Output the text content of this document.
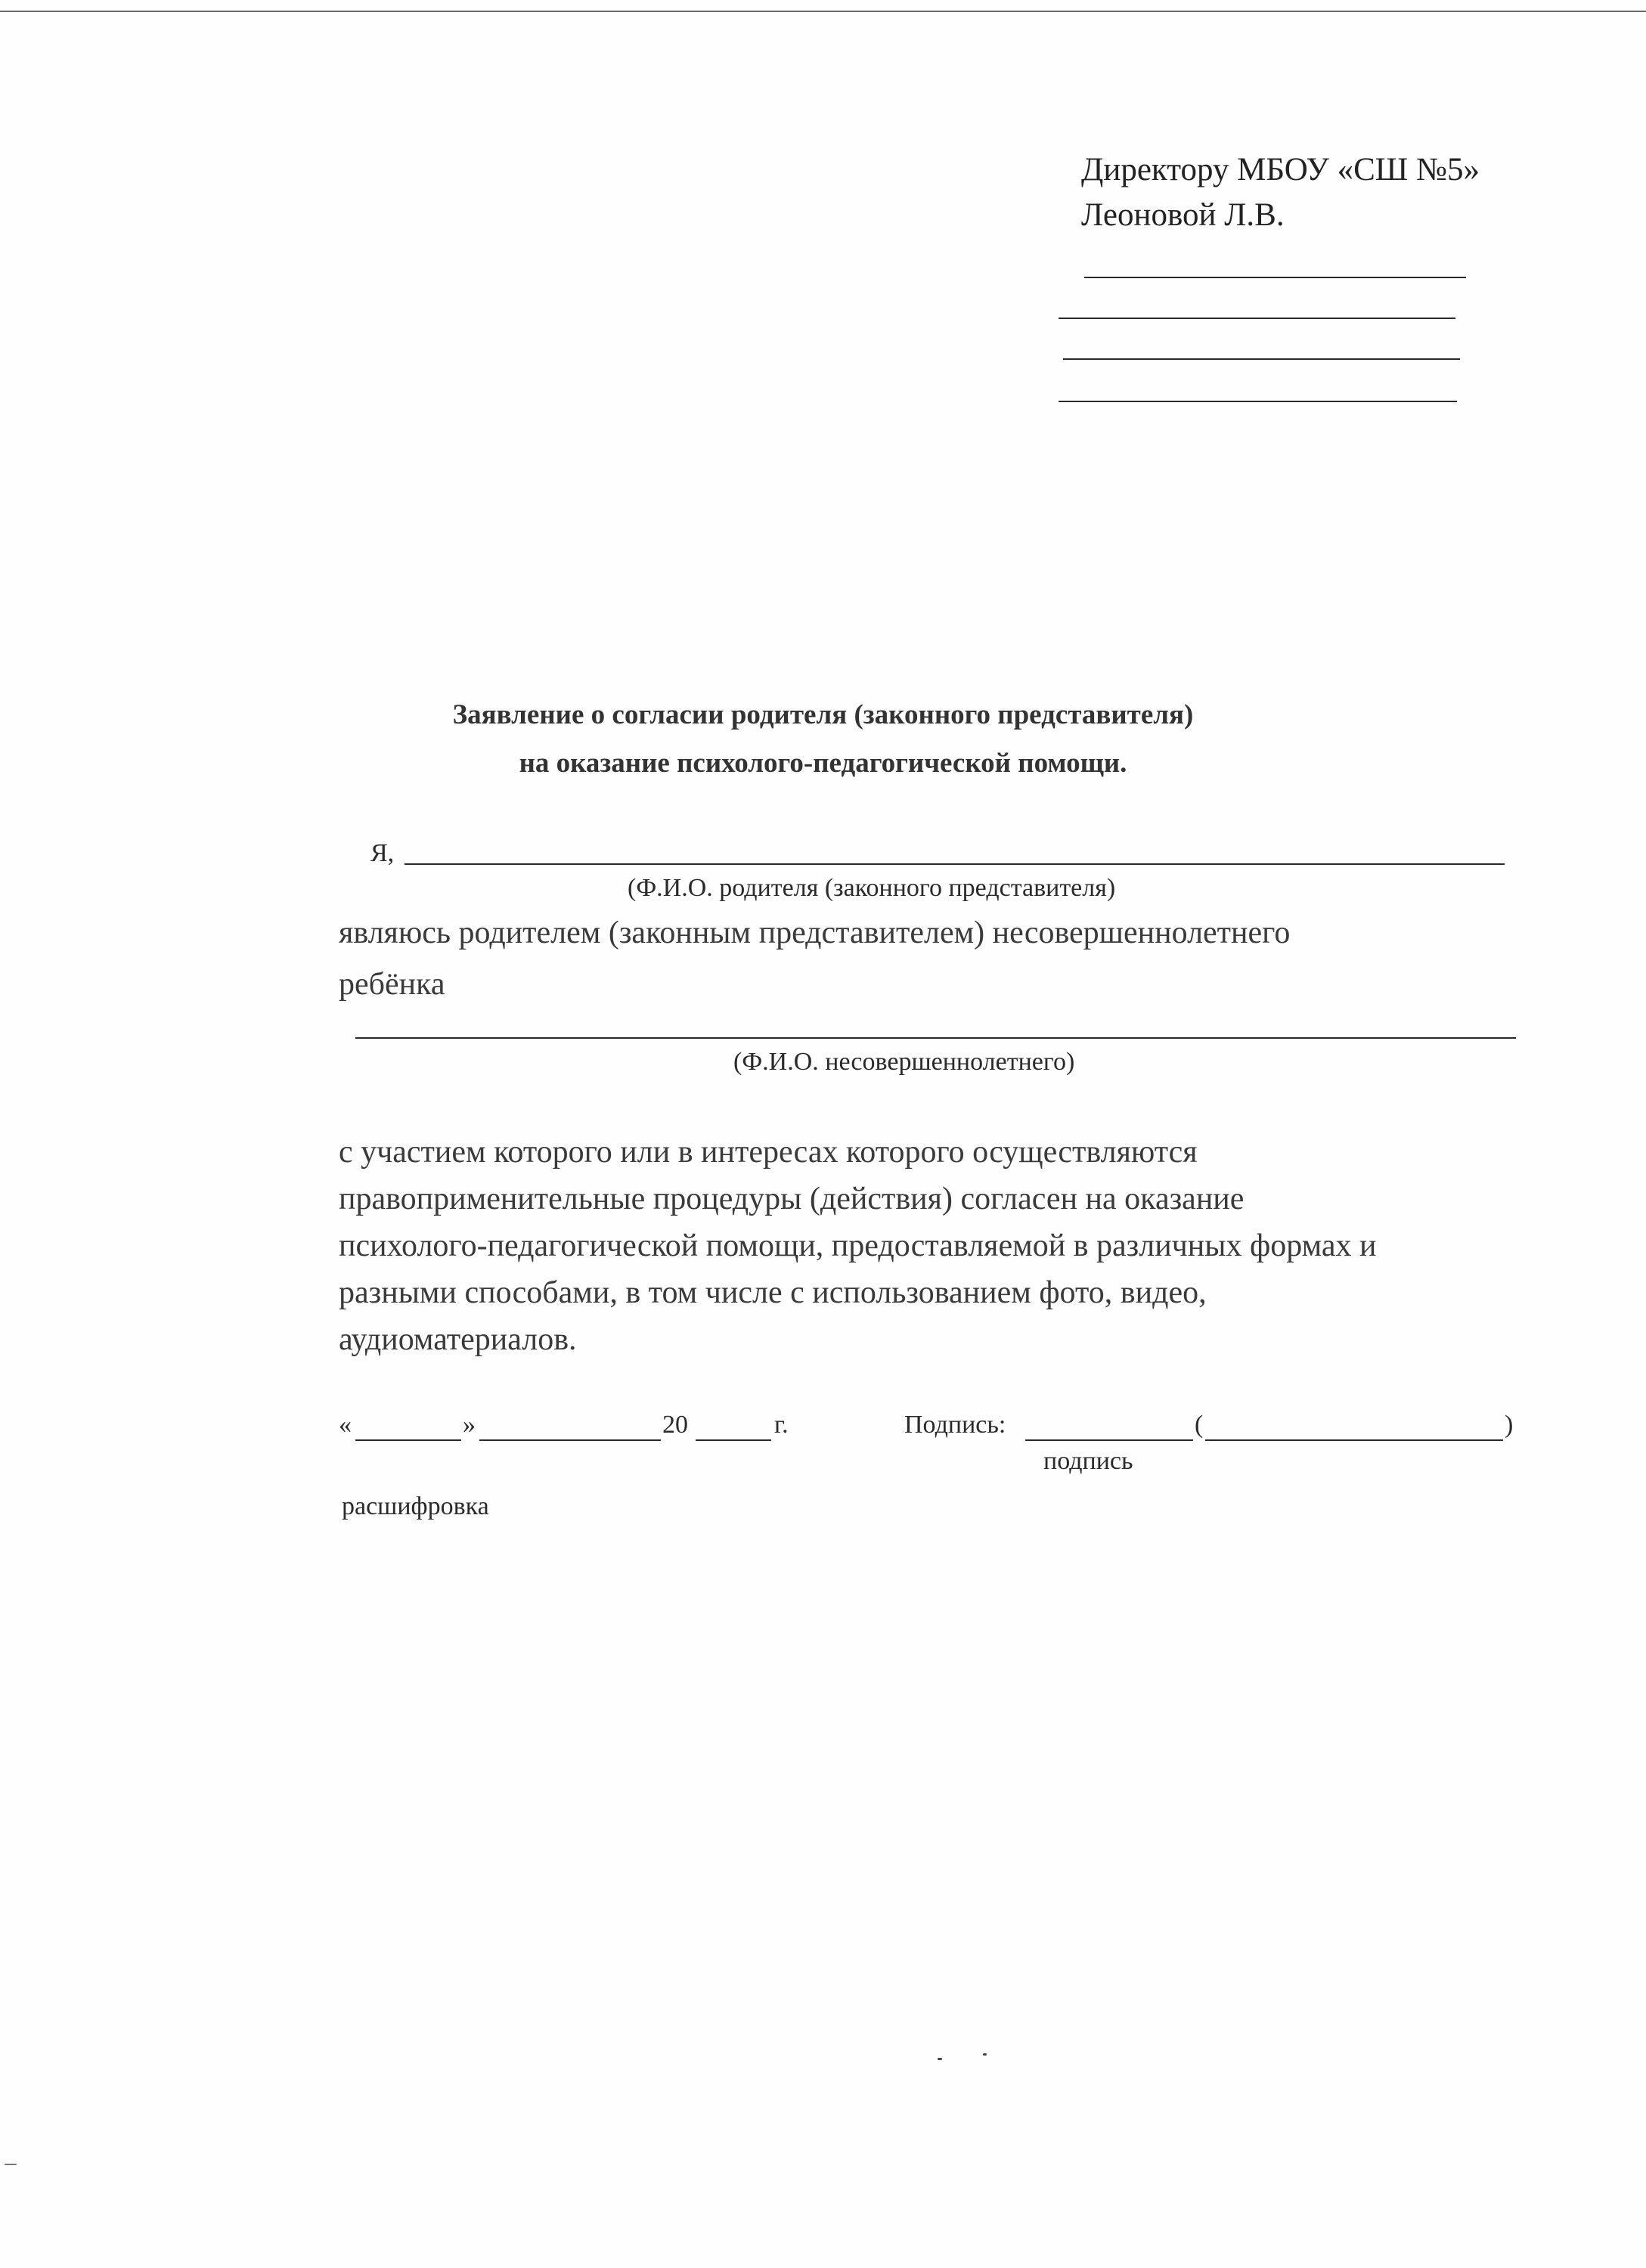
Директору МБОУ «СШ №5»
Леоновой Л.В.
Заявление о согласии родителя (законного представителя)
на оказание психолого-педагогической помощи.
Я,
(Ф.И.О. родителя (законного представителя)
являюсь родителем (законным представителем) несовершеннолетнего
ребёнка
(Ф.И.О. несовершеннолетнего)
с участием которого или в интересах которого осуществляются
правоприменительные процедуры (действия) согласен на оказание
психолого-педагогической помощи, предоставляемой в различных формах и
разными способами, в том числе с использованием фото, видео,
аудиоматериалов.
«	»	20	г.	Подпись:	(	)
подпись
расшифровка
